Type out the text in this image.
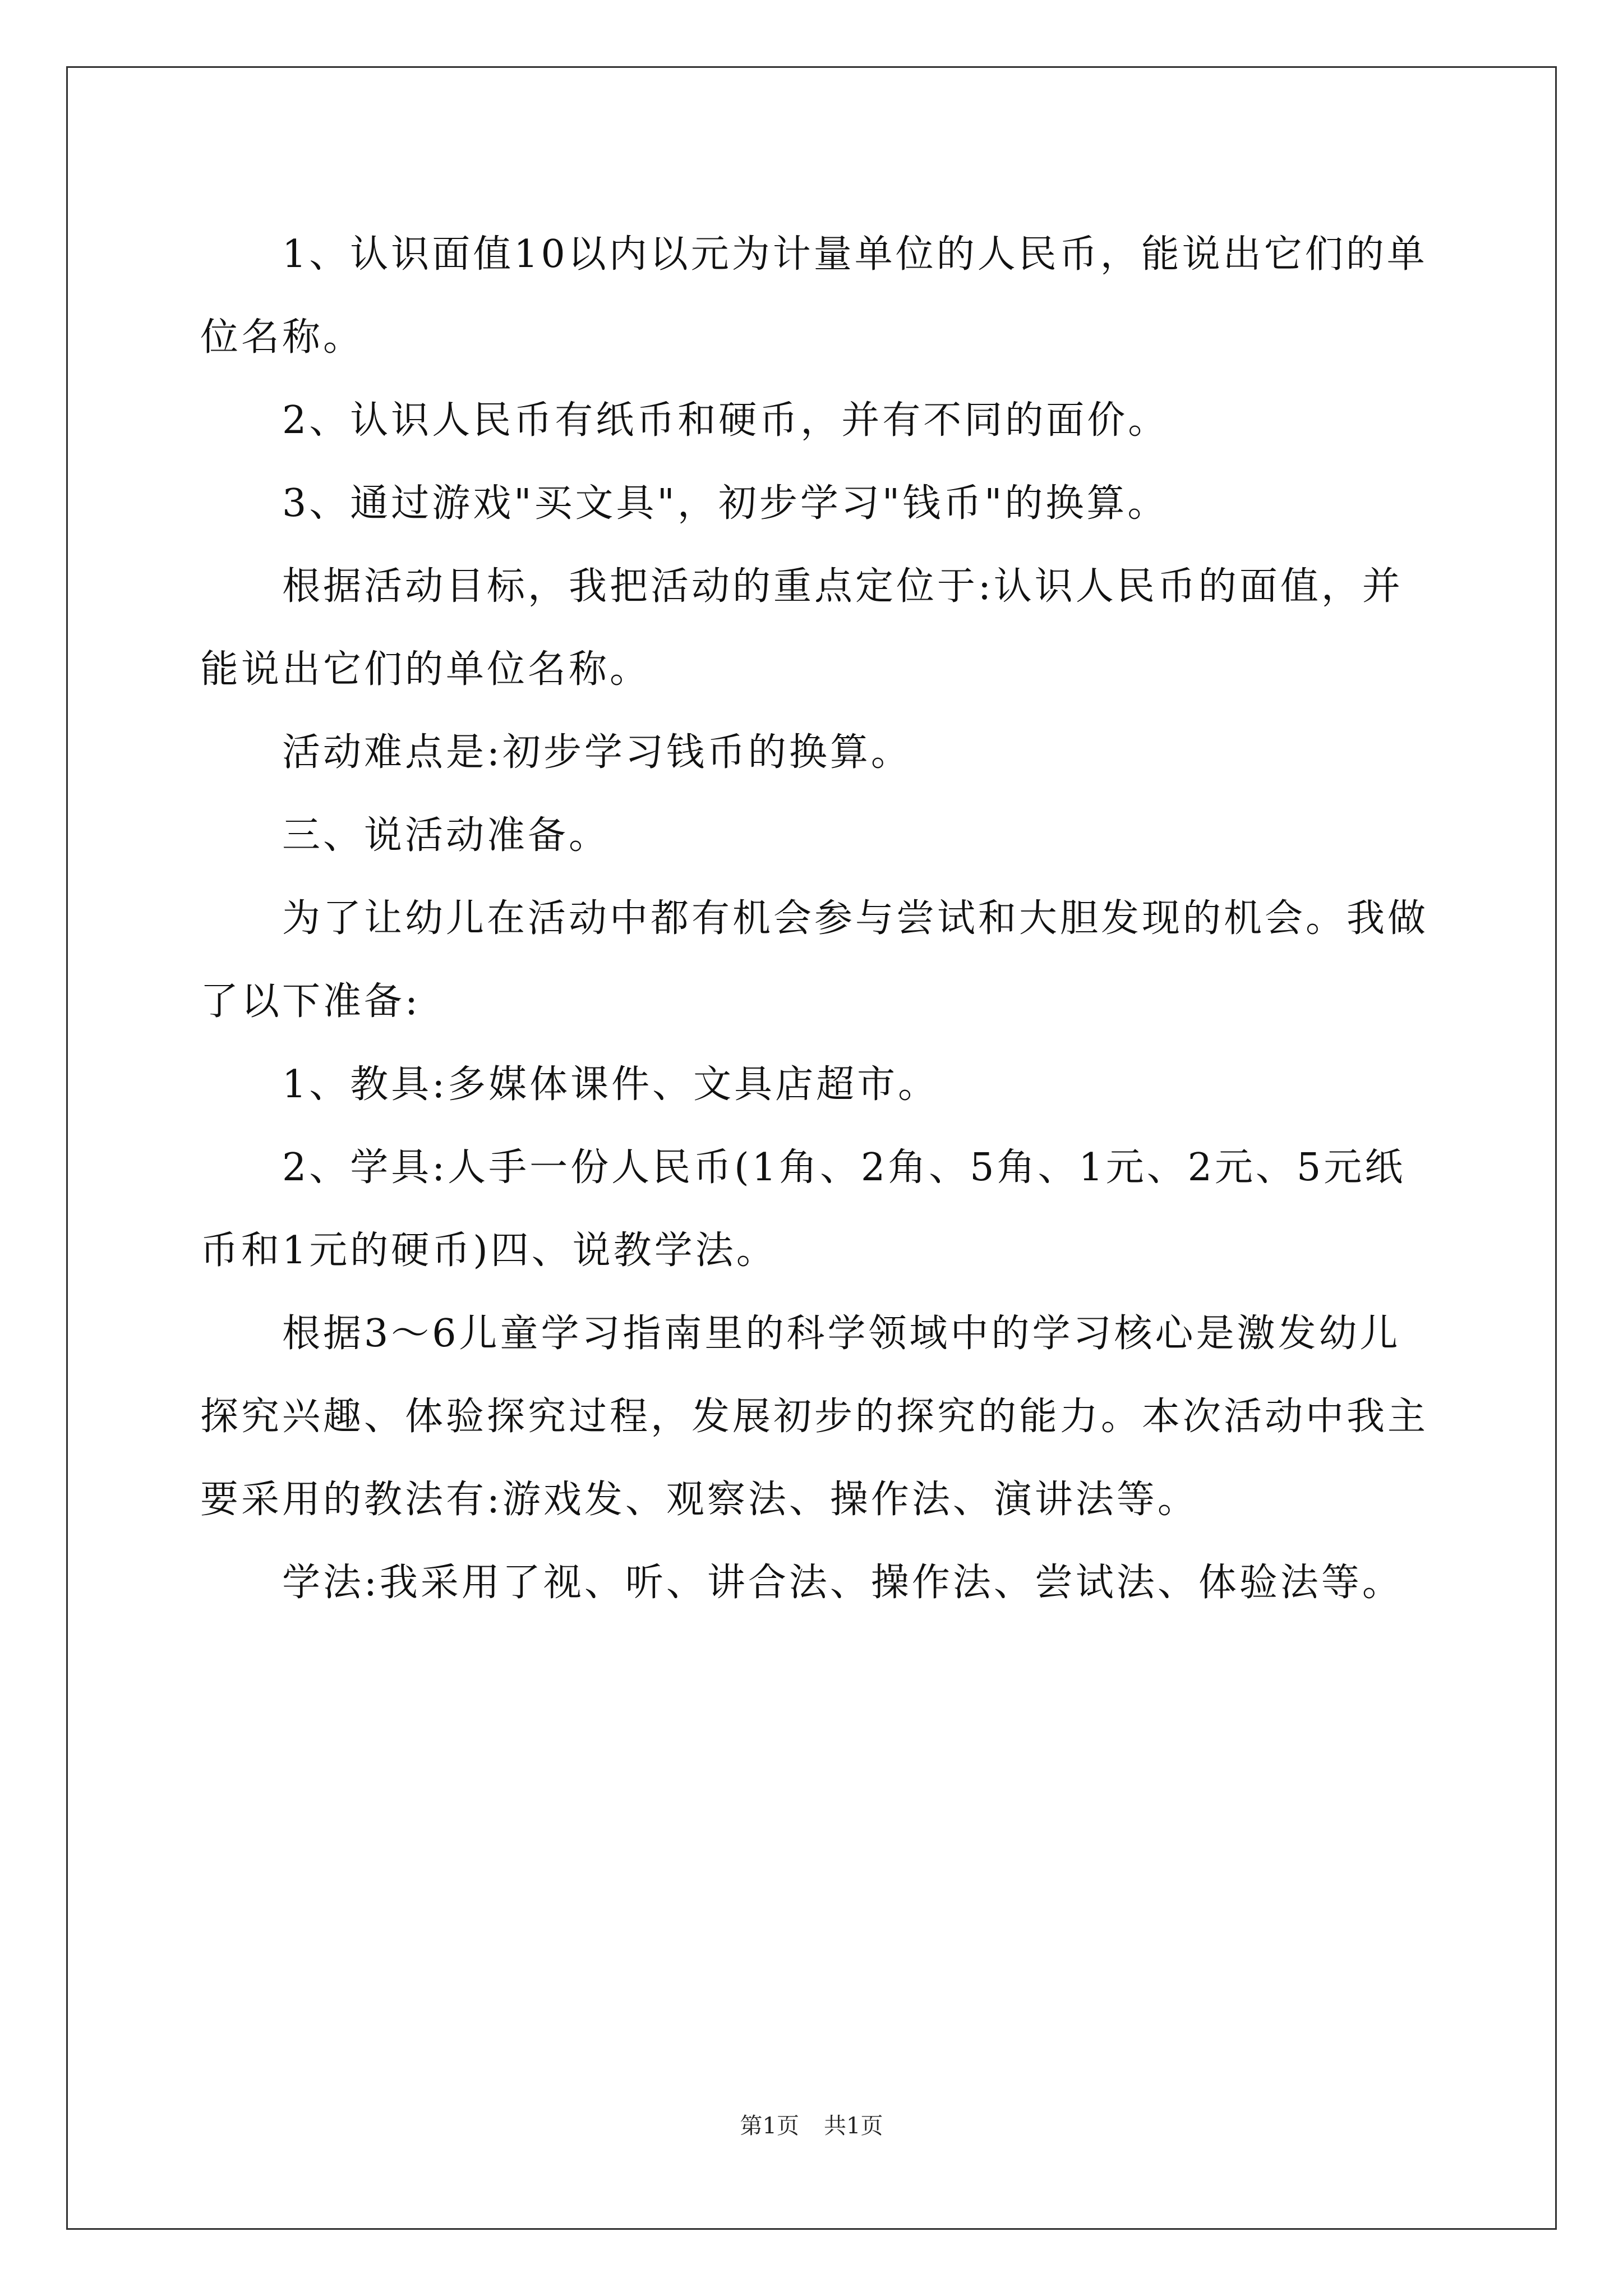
1、认识面值10以内以元为计量单位的人民币，能说出它们的单位名称。

2、认识人民币有纸币和硬币，并有不同的面价。

3、通过游戏"买文具"，初步学习"钱币"的换算。

根据活动目标，我把活动的重点定位于:认识人民币的面值，并能说出它们的单位名称。

活动难点是:初步学习钱币的换算。

三、说活动准备。

为了让幼儿在活动中都有机会参与尝试和大胆发现的机会。我做了以下准备:

1、教具:多媒体课件、文具店超市。

2、学具:人手一份人民币(1角、2角、5角、1元、2元、5元纸币和1元的硬币)四、说教学法。

根据3～6儿童学习指南里的科学领域中的学习核心是激发幼儿探究兴趣、体验探究过程，发展初步的探究的能力。本次活动中我主要采用的教法有:游戏发、观察法、操作法、演讲法等。

学法:我采用了视、听、讲合法、操作法、尝试法、体验法等。

第1页 共1页
